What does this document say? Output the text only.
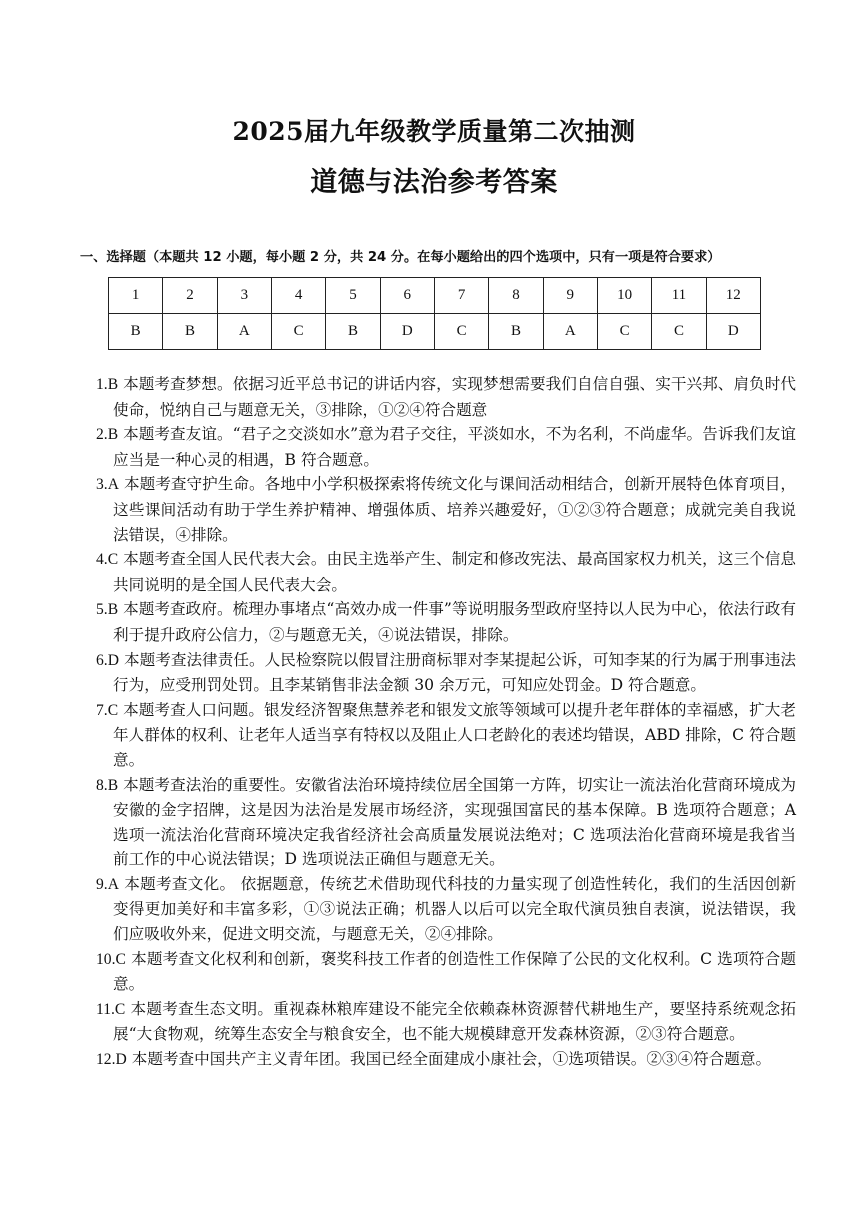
2025届九年级教学质量第二次抽测
道德与法治参考答案
一、选择题（本题共 12 小题，每小题 2 分，共 24 分。在每小题给出的四个选项中，只有一项是符合要求）
1	2	3	4	5	6	7	8	9	10	11	12
B	B	A	C	B	D	C	B	A	C	C	D

1.B 本题考查梦想。依据习近平总书记的讲话内容，实现梦想需要我们自信自强、实干兴邦、肩负时代使命，悦纳自己与题意无关，③排除，①②④符合题意

2.B 本题考查友谊。“君子之交淡如水”意为君子交往，平淡如水，不为名利，不尚虚华。告诉我们友谊应当是一种心灵的相遇，B 符合题意。

3.A 本题考查守护生命。各地中小学积极探索将传统文化与课间活动相结合，创新开展特色体育项目，这些课间活动有助于学生养护精神、增强体质、培养兴趣爱好，①②③符合题意；成就完美自我说法错误，④排除。

4.C 本题考查全国人民代表大会。由民主选举产生、制定和修改宪法、最高国家权力机关，这三个信息共同说明的是全国人民代表大会。

5.B 本题考查政府。梳理办事堵点“高效办成一件事”等说明服务型政府坚持以人民为中心，依法行政有利于提升政府公信力，②与题意无关，④说法错误，排除。

6.D 本题考查法律责任。人民检察院以假冒注册商标罪对李某提起公诉，可知李某的行为属于刑事违法行为，应受刑罚处罚。且李某销售非法金额 30 余万元，可知应处罚金。D 符合题意。

7.C 本题考查人口问题。银发经济智聚焦慧养老和银发文旅等领域可以提升老年群体的幸福感，扩大老年人群体的权利、让老年人适当享有特权以及阻止人口老龄化的表述均错误，ABD 排除，C 符合题意。

8.B 本题考查法治的重要性。安徽省法治环境持续位居全国第一方阵，切实让一流法治化营商环境成为安徽的金字招牌，这是因为法治是发展市场经济，实现强国富民的基本保障。B 选项符合题意；A 选项一流法治化营商环境决定我省经济社会高质量发展说法绝对；C 选项法治化营商环境是我省当前工作的中心说法错误；D 选项说法正确但与题意无关。

9.A 本题考查文化。 依据题意，传统艺术借助现代科技的力量实现了创造性转化，我们的生活因创新变得更加美好和丰富多彩，①③说法正确；机器人以后可以完全取代演员独自表演，说法错误，我们应吸收外来，促进文明交流，与题意无关，②④排除。

10.C 本题考查文化权利和创新，褒奖科技工作者的创造性工作保障了公民的文化权利。C 选项符合题意。

11.C 本题考查生态文明。重视森林粮库建设不能完全依赖森林资源替代耕地生产，要坚持系统观念拓展“大食物观，统筹生态安全与粮食安全，也不能大规模肆意开发森林资源，②③符合题意。

12.D 本题考查中国共产主义青年团。我国已经全面建成小康社会，①选项错误。②③④符合题意。
